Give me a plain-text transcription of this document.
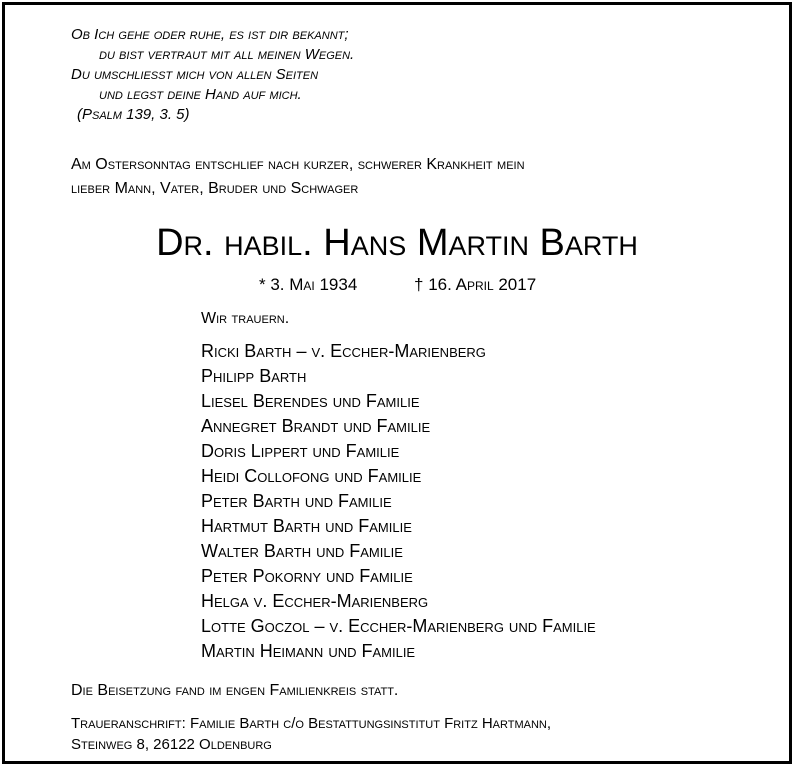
Ob Ich gehe oder ruhe, es ist dir bekannt;
du bist vertraut mit all meinen Wegen.
Du umschließt mich von allen Seiten
und legst deine Hand auf mich.
(Psalm 139, 3. 5)
Am Ostersonntag entschlief nach kurzer, schwerer Krankheit mein
lieber Mann, Vater, Bruder und Schwager
Dr. habil. Hans Martin Barth
* 3. Mai 1934	† 16. April 2017
Wir trauern.
Ricki Barth – v. Eccher-Marienberg
Philipp Barth
Liesel Berendes und Familie
Annegret Brandt und Familie
Doris Lippert und Familie
Heidi Collofong und Familie
Peter Barth und Familie
Hartmut Barth und Familie
Walter Barth und Familie
Peter Pokorny und Familie
Helga v. Eccher-Marienberg
Lotte Goczol – v. Eccher-Marienberg und Familie
Martin Heimann und Familie
Die Beisetzung fand im engen Familienkreis statt.
Traueranschrift: Familie Barth c/o Bestattungsinstitut Fritz Hartmann,
Steinweg 8, 26122 Oldenburg
